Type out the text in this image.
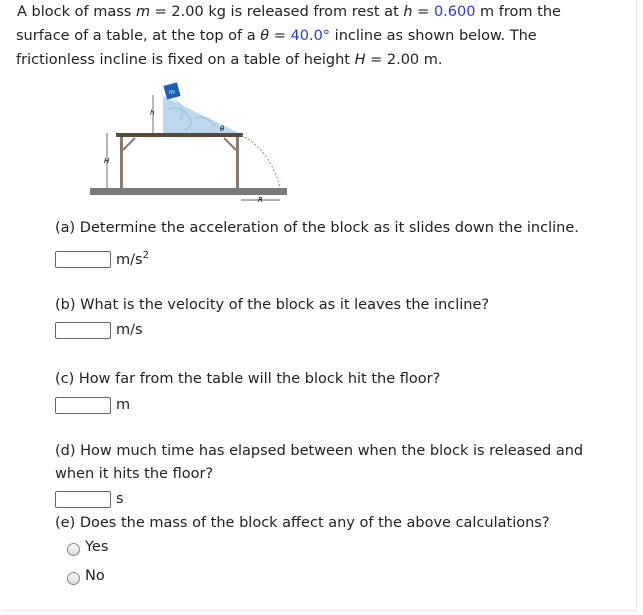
A block of mass m = 2.00 kg is released from rest at h = 0.600 m from the
surface of a table, at the top of a θ = 40.0° incline as shown below. The
frictionless incline is fixed on a table of height H = 2.00 m.
m
h
θ
H
R
(a) Determine the acceleration of the block as it slides down the incline.
$m/s^2$
(b) What is the velocity of the block as it leaves the incline?
m/s
(c) How far from the table will the block hit the floor?
m
(d) How much time has elapsed between when the block is released and
when it hits the floor?
s
(e) Does the mass of the block affect any of the above calculations?
Yes
No
